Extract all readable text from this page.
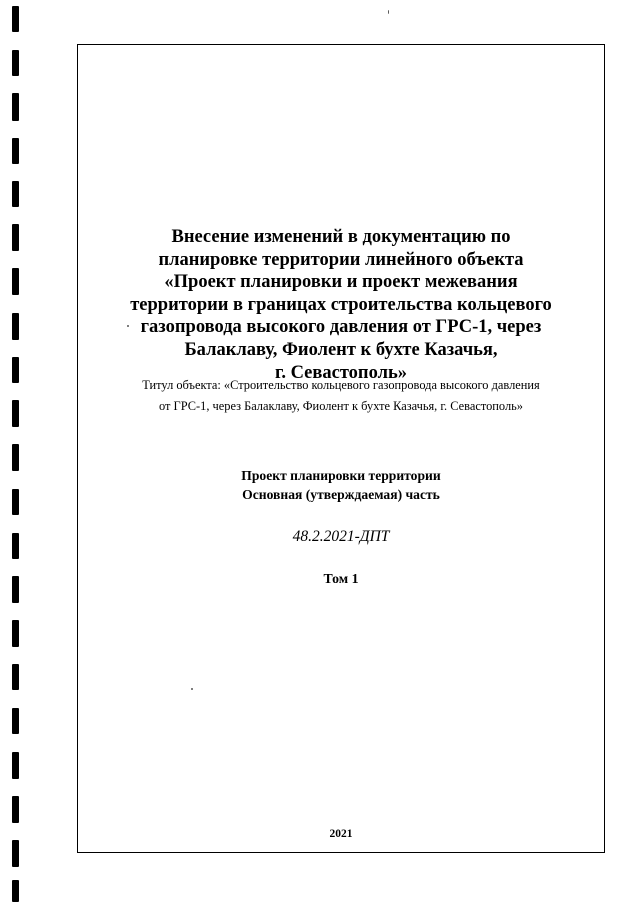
Внесение изменений в документацию по
планировке территории линейного объекта
«Проект планировки и проект межевания
территории в границах строительства кольцевого
газопровода высокого давления от ГРС-1, через
Балаклаву, Фиолент к бухте Казачья,
г. Севастополь»
Титул объекта: «Строительство кольцевого газопровода высокого давления
от ГРС-1, через Балаклаву, Фиолент к бухте Казачья, г. Севастополь»
Проект планировки территории
Основная (утверждаемая) часть
48.2.2021-ДПТ
Том 1
2021
